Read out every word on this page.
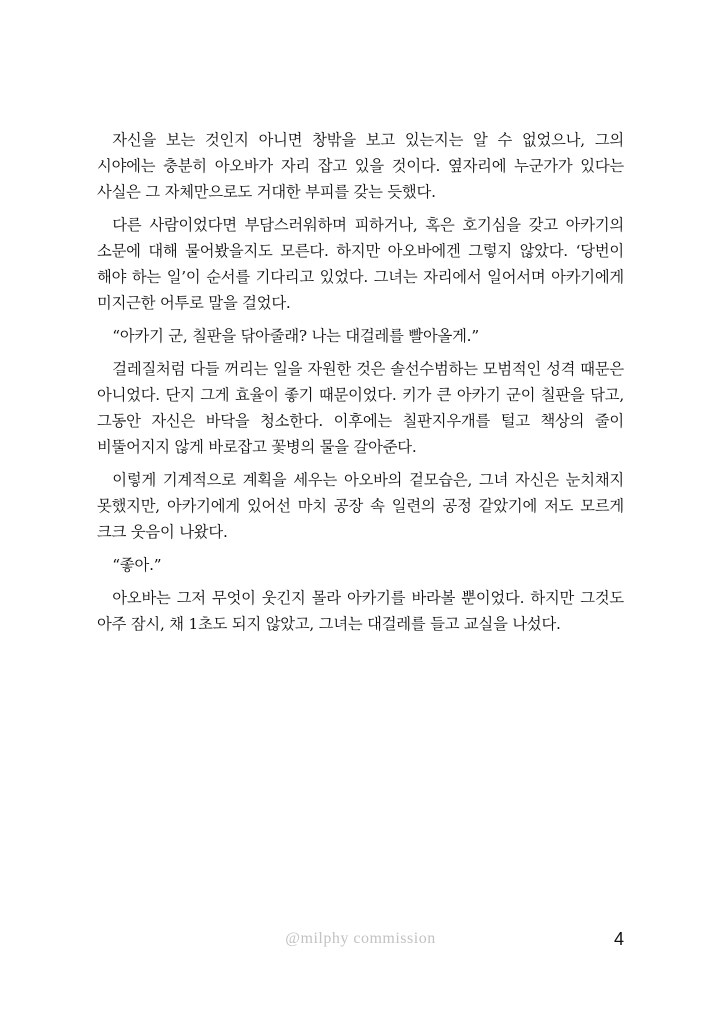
자신을 보는 것인지 아니면 창밖을 보고 있는지는 알 수 없었으나, 그의 시야에는 충분히 아오바가 자리 잡고 있을 것이다. 옆자리에 누군가가 있다는 사실은 그 자체만으로도 거대한 부피를 갖는 듯했다.

다른 사람이었다면 부담스러워하며 피하거나, 혹은 호기심을 갖고 아카기의 소문에 대해 물어봤을지도 모른다. 하지만 아오바에겐 그렇지 않았다. ‘당번이 해야 하는 일’이 순서를 기다리고 있었다. 그녀는 자리에서 일어서며 아카기에게 미지근한 어투로 말을 걸었다.

“아카기 군, 칠판을 닦아줄래? 나는 대걸레를 빨아올게.”

걸레질처럼 다들 꺼리는 일을 자원한 것은 솔선수범하는 모범적인 성격 때문은 아니었다. 단지 그게 효율이 좋기 때문이었다. 키가 큰 아카기 군이 칠판을 닦고, 그동안 자신은 바닥을 청소한다. 이후에는 칠판지우개를 털고 책상의 줄이 비뚤어지지 않게 바로잡고 꽃병의 물을 갈아준다.

이렇게 기계적으로 계획을 세우는 아오바의 겉모습은, 그녀 자신은 눈치채지 못했지만, 아카기에게 있어선 마치 공장 속 일련의 공정 같았기에 저도 모르게 크크 웃음이 나왔다.

“좋아.”

아오바는 그저 무엇이 웃긴지 몰라 아카기를 바라볼 뿐이었다. 하지만 그것도 아주 잠시, 채 1초도 되지 않았고, 그녀는 대걸레를 들고 교실을 나섰다.

@milphy commission	4
